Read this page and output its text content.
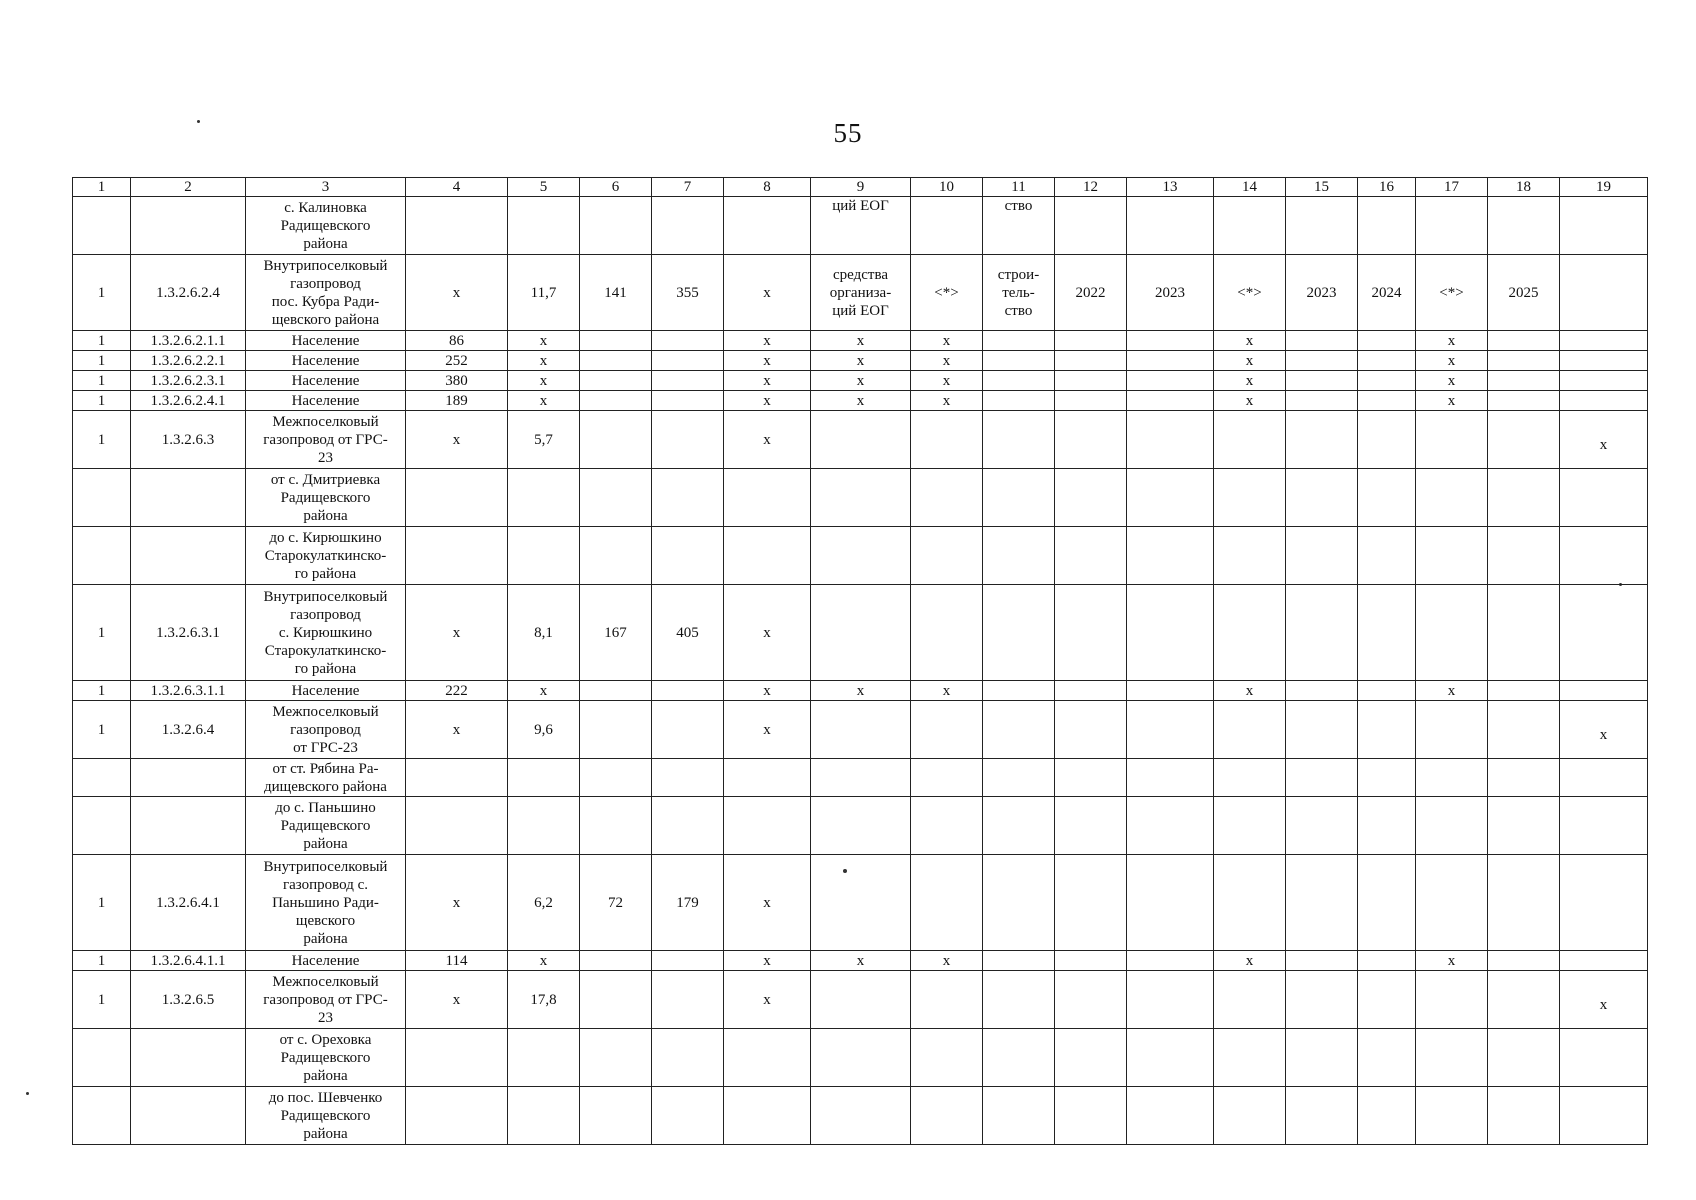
55
1	2	3	4	5	6	7	8	9	10	11	12	13	14	15	16	17	18	19
		с. Калиновка
Радищевского
района						ций ЕОГ		ство								
1	1.3.2.6.2.4	Внутрипоселковый
газопровод
пос. Кубра Ради-
щевского района	х	11,7	141	355	х	средства
организа-
ций ЕОГ	<*>	строи-
тель-
ство	2022	2023	<*>	2023	2024	<*>	2025	
1	1.3.2.6.2.1.1	Население	86	х			х	х	х				х			х		
1	1.3.2.6.2.2.1	Население	252	х			х	х	х				х			х		
1	1.3.2.6.2.3.1	Население	380	х			х	х	х				х			х		
1	1.3.2.6.2.4.1	Население	189	х			х	х	х				х			х		
1	1.3.2.6.3	Межпоселковый
газопровод от ГРС-
23	х	5,7			х											х
		от с. Дмитриевка
Радищевского
района																
		до с. Кирюшкино
Старокулаткинско-
го района																
1	1.3.2.6.3.1	Внутрипоселковый
газопровод
с. Кирюшкино
Старокулаткинско-
го района	х	8,1	167	405	х											
1	1.3.2.6.3.1.1	Население	222	х			х	х	х				х			х		
1	1.3.2.6.4	Межпоселковый
газопровод
от ГРС-23	х	9,6			х											х
		от ст. Рябина Ра-
дищевского района																
		до с. Паньшино
Радищевского
района																
1	1.3.2.6.4.1	Внутрипоселковый
газопровод с.
Паньшино Ради-
щевского
района	х	6,2	72	179	х											
1	1.3.2.6.4.1.1	Население	114	х			х	х	х				х			х		
1	1.3.2.6.5	Межпоселковый
газопровод от ГРС-
23	х	17,8			х											х
		от с. Ореховка
Радищевского
района																
		до пос. Шевченко
Радищевского
района																
